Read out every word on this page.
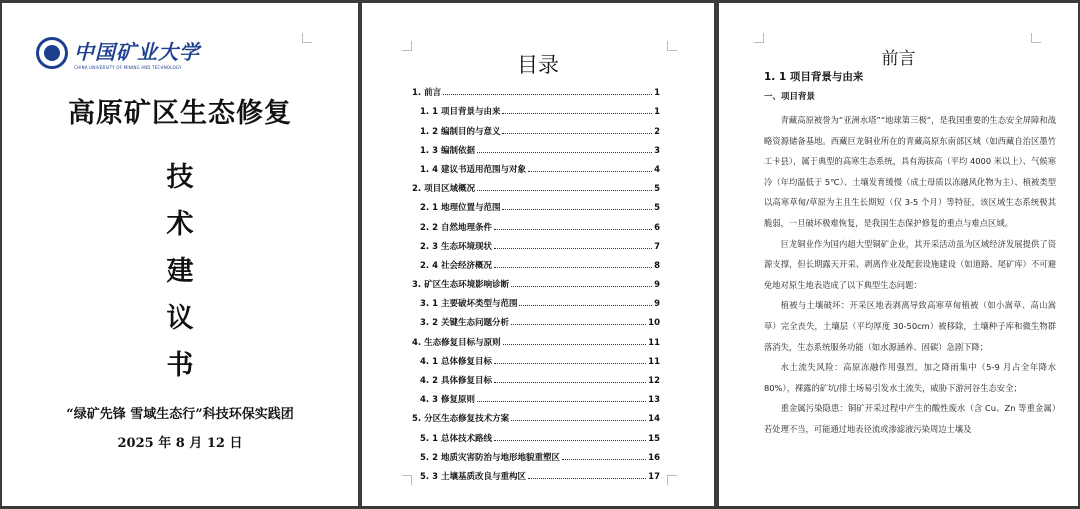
中国矿业大学
CHINA UNIVERSITY OF MINING AND TECHNOLOGY
高原矿区生态修复
技
术
建
议
书
“绿矿先锋 雪域生态行”科技环保实践团
2025 年 8 月 12 日
目录
1. 前言	1
1. 1 项目背景与由来	1
1. 2 编制目的与意义	2
1. 3 编制依据	3
1. 4 建议书适用范围与对象	4
2. 项目区域概况	5
2. 1 地理位置与范围	5
2. 2 自然地理条件	6
2. 3 生态环境现状	7
2. 4 社会经济概况	8
3. 矿区生态环境影响诊断	9
3. 1 主要破坏类型与范围	9
3. 2 关键生态问题分析	10
4. 生态修复目标与原则	11
4. 1 总体修复目标	11
4. 2 具体修复目标	12
4. 3 修复原则	13
5. 分区生态修复技术方案	14
5. 1 总体技术路线	15
5. 2 地质灾害防治与地形地貌重塑区	16
5. 3 土壤基质改良与重构区	17
前言
1. 1 项目背景与由来
一、项目背景

青藏高原被誉为“亚洲水塔”“地球第三极”，是我国重要的生态安全屏障和战略资源储备基地。西藏巨龙铜业所在的青藏高原东南部区域（如西藏自治区墨竹工卡县），属于典型的高寒生态系统，具有海拔高（平均 4000 米以上）、气候寒冷（年均温低于 5℃）、土壤发育缓慢（成土母质以冻融风化物为主）、植被类型以高寒草甸/草原为主且生长期短（仅 3-5 个月）等特征，该区域生态系统极其脆弱，一旦破坏极难恢复，是我国生态保护修复的重点与难点区域。

巨龙铜业作为国内超大型铜矿企业，其开采活动虽为区域经济发展提供了资源支撑，但长期露天开采、剥离作业及配套设施建设（如道路、尾矿库）不可避免地对原生地表造成了以下典型生态问题：

植被与土壤破坏：开采区地表剥离导致高寒草甸植被（如小嵩草、高山嵩草）完全丧失，土壤层（平均厚度 30-50cm）被移除，土壤种子库和微生物群落消失，生态系统服务功能（如水源涵养、固碳）急剧下降；

水土流失风险：高原冻融作用强烈，加之降雨集中（5-9 月占全年降水 80%），裸露的矿坑/排土场易引发水土流失，威胁下游河谷生态安全；

重金属污染隐患：铜矿开采过程中产生的酸性废水（含 Cu、Zn 等重金属）若处理不当，可能通过地表径流或渗滤液污染周边土壤及
